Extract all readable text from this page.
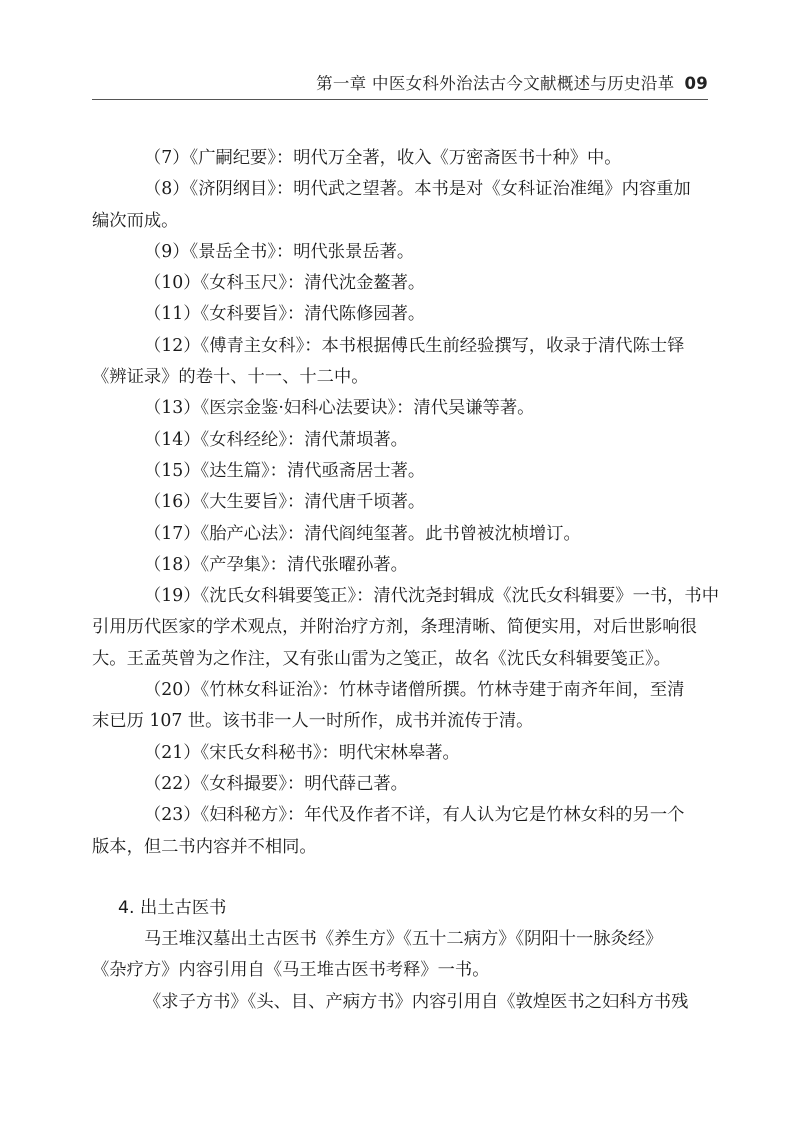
第一章 中医女科外治法古今文献概述与历史沿革 09

（7）《广嗣纪要》：明代万全著，收入《万密斋医书十种》中。

（8）《济阴纲目》：明代武之望著。本书是对《女科证治准绳》内容重加

编次而成。

（9）《景岳全书》：明代张景岳著。

（10）《女科玉尺》：清代沈金鳌著。

（11）《女科要旨》：清代陈修园著。

（12）《傅青主女科》：本书根据傅氏生前经验撰写，收录于清代陈士铎

《辨证录》的卷十、十一、十二中。

（13）《医宗金鉴·妇科心法要诀》：清代吴谦等著。

（14）《女科经纶》：清代萧埙著。

（15）《达生篇》：清代亟斋居士著。

（16）《大生要旨》：清代唐千顷著。

（17）《胎产心法》：清代阎纯玺著。此书曾被沈桢增订。

（18）《产孕集》：清代张曜孙著。

（19）《沈氏女科辑要笺正》：清代沈尧封辑成《沈氏女科辑要》一书，书中

引用历代医家的学术观点，并附治疗方剂，条理清晰、简便实用，对后世影响很

大。王孟英曾为之作注，又有张山雷为之笺正，故名《沈氏女科辑要笺正》。

（20）《竹林女科证治》：竹林寺诸僧所撰。竹林寺建于南齐年间，至清

末已历 107 世。该书非一人一时所作，成书并流传于清。

（21）《宋氏女科秘书》：明代宋林皋著。

（22）《女科撮要》：明代薛己著。

（23）《妇科秘方》：年代及作者不详，有人认为它是竹林女科的另一个

版本，但二书内容并不相同。

4. 出土古医书

马王堆汉墓出土古医书《养生方》《五十二病方》《阴阳十一脉灸经》

《杂疗方》内容引用自《马王堆古医书考释》一书。

《求子方书》《头、目、产病方书》内容引用自《敦煌医书之妇科方书残
